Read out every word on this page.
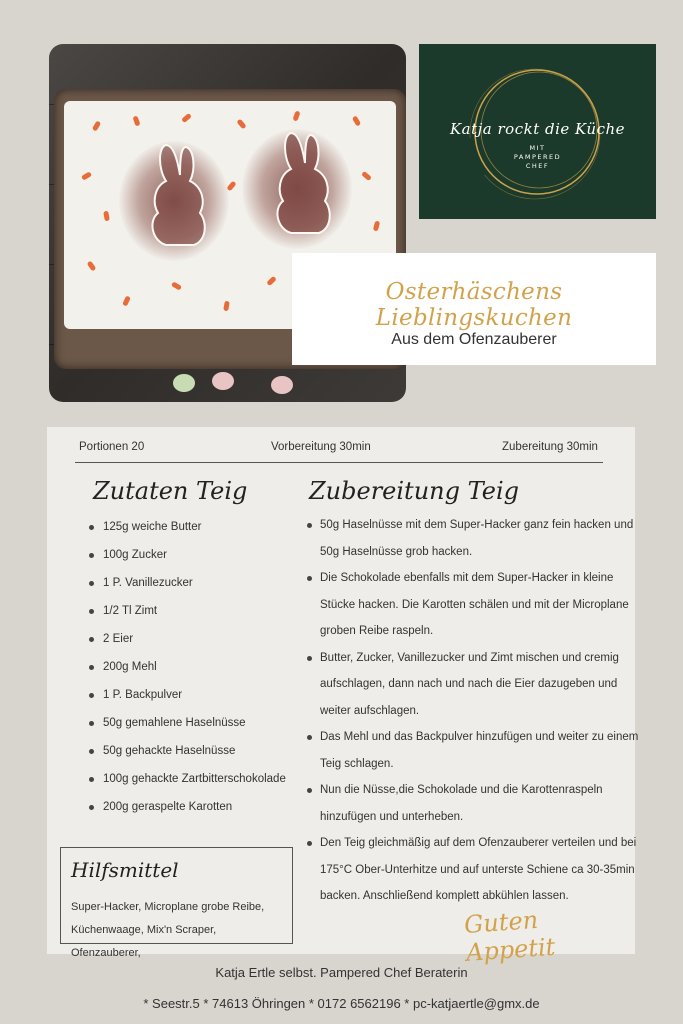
Katja rockt die Küche
MIT
PAMPERED
CHEF
Osterhäschens Lieblingskuchen
Aus dem Ofenzauberer
Portionen 20	Vorbereitung 30min	Zubereitung 30min
Zutaten Teig
125g weiche Butter
100g Zucker
1 P. Vanillezucker
1/2 Tl Zimt
2 Eier
200g Mehl
1 P. Backpulver
50g gemahlene Haselnüsse
50g gehackte Haselnüsse
100g gehackte Zartbitterschokolade
200g geraspelte Karotten
Zubereitung Teig
50g Haselnüsse mit dem Super-Hacker ganz fein hacken und 50g Haselnüsse grob hacken.
Die Schokolade ebenfalls mit dem Super-Hacker in kleine Stücke hacken. Die Karotten schälen und mit der Microplane groben Reibe raspeln.
Butter, Zucker, Vanillezucker und Zimt mischen und cremig aufschlagen, dann nach und nach die Eier dazugeben und weiter aufschlagen.
Das Mehl und das Backpulver hinzufügen und weiter zu einem Teig schlagen.
Nun die Nüsse,die Schokolade und die Karottenraspeln hinzufügen und unterheben.
Den Teig gleichmäßig auf dem Ofenzauberer verteilen und bei 175°C Ober-Unterhitze und auf unterste Schiene ca 30-35min backen. Anschließend komplett abkühlen lassen.
Hilfsmittel
Super-Hacker, Microplane grobe Reibe, Küchenwaage, Mix'n Scraper, Ofenzauberer,
Guten Appetit
Katja Ertle selbst. Pampered Chef Beraterin
* Seestr.5 * 74613 Öhringen * 0172 6562196 * pc-katjaertle@gmx.de
